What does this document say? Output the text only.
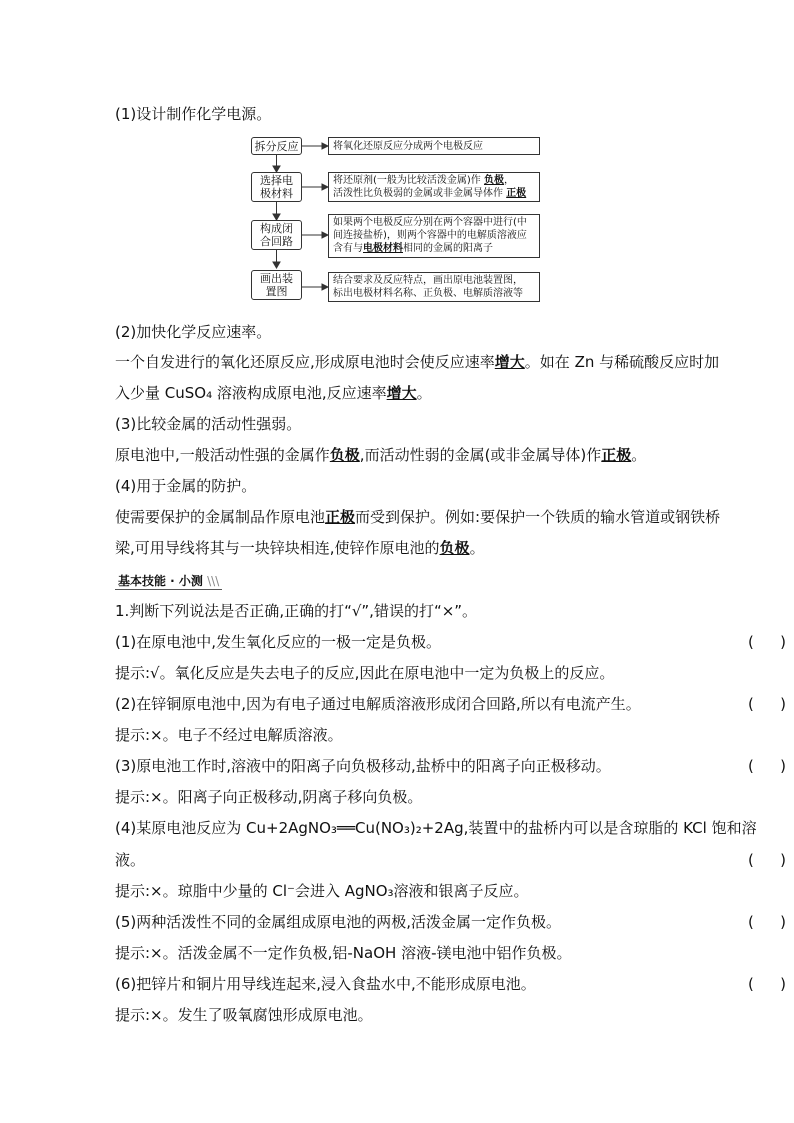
(1)设计制作化学电源。
拆分反应	将氧化还原反应分成两个电极反应
选择电极材料
将还原剂(一般为比较活泼金属)作 负极，
活泼性比负极弱的金属或非金属导体作 正极
构成闭合回路
如果两个电极反应分别在两个容器中进行(中
间连接盐桥)，则两个容器中的电解质溶液应
含有与电极材料相同的金属的阳离子
画出装置图
结合要求及反应特点，画出原电池装置图，
标出电极材料名称、正负极、电解质溶液等
(2)加快化学反应速率。
一个自发进行的氧化还原反应,形成原电池时会使反应速率增大。如在 Zn 与稀硫酸反应时加
入少量 CuSO₄ 溶液构成原电池,反应速率增大。
(3)比较金属的活动性强弱。
原电池中,一般活动性强的金属作负极,而活动性弱的金属(或非金属导体)作正极。
(4)用于金属的防护。
使需要保护的金属制品作原电池正极而受到保护。例如:要保护一个铁质的输水管道或钢铁桥
梁,可用导线将其与一块锌块相连,使锌作原电池的负极。
基本技能 · 小测 \\\
1.判断下列说法是否正确,正确的打“√”,错误的打“×”。
(1)在原电池中,发生氧化反应的一极一定是负极。	( )
提示:√。氧化反应是失去电子的反应,因此在原电池中一定为负极上的反应。
(2)在锌铜原电池中,因为有电子通过电解质溶液形成闭合回路,所以有电流产生。	( )
提示:×。电子不经过电解质溶液。
(3)原电池工作时,溶液中的阳离子向负极移动,盐桥中的阳离子向正极移动。	( )
提示:×。阳离子向正极移动,阴离子移向负极。
(4)某原电池反应为 Cu+2AgNO₃══Cu(NO₃)₂+2Ag,装置中的盐桥内可以是含琼脂的 KCl 饱和溶
液。	( )
提示:×。琼脂中少量的 Cl⁻会进入 AgNO₃溶液和银离子反应。
(5)两种活泼性不同的金属组成原电池的两极,活泼金属一定作负极。	( )
提示:×。活泼金属不一定作负极,铝-NaOH 溶液-镁电池中铝作负极。
(6)把锌片和铜片用导线连起来,浸入食盐水中,不能形成原电池。	( )
提示:×。发生了吸氧腐蚀形成原电池。
